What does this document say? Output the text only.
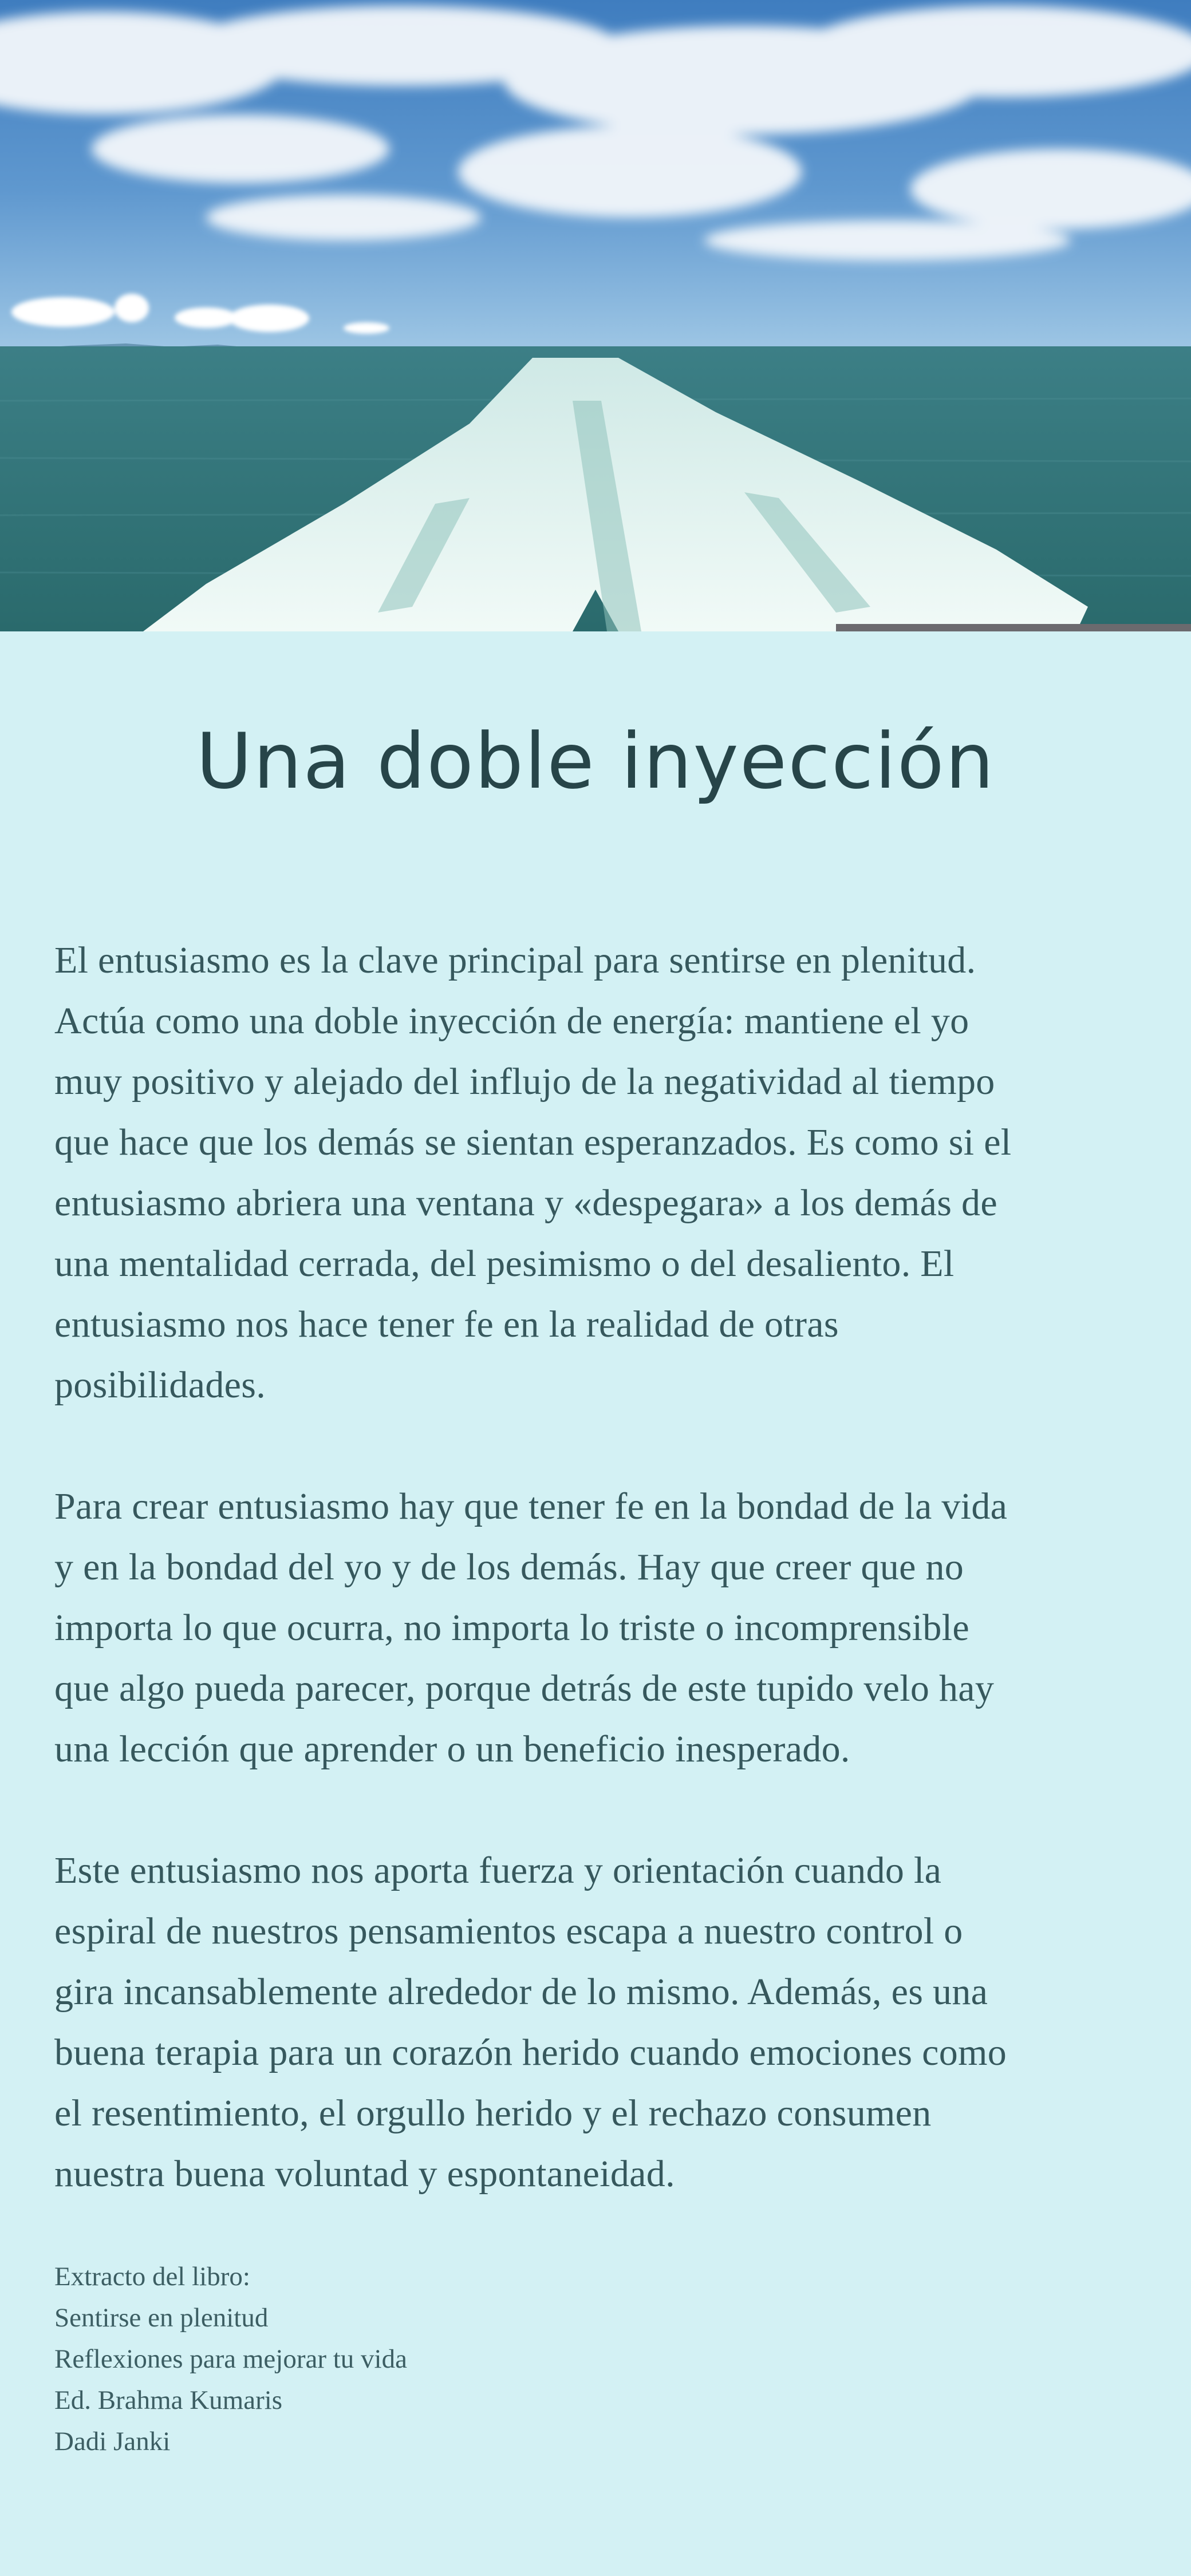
Una doble inyección

El entusiasmo es la clave principal para sentirse en plenitud.
Actúa como una doble inyección de energía: mantiene el yo
muy positivo y alejado del influjo de la negatividad al tiempo
que hace que los demás se sientan esperanzados. Es como si el
entusiasmo abriera una ventana y «despegara» a los demás de
una mentalidad cerrada, del pesimismo o del desaliento. El
entusiasmo nos hace tener fe en la realidad de otras
posibilidades.

Para crear entusiasmo hay que tener fe en la bondad de la vida
y en la bondad del yo y de los demás. Hay que creer que no
importa lo que ocurra, no importa lo triste o incomprensible
que algo pueda parecer, porque detrás de este tupido velo hay
una lección que aprender o un beneficio inesperado.

Este entusiasmo nos aporta fuerza y orientación cuando la
espiral de nuestros pensamientos escapa a nuestro control o
gira incansablemente alrededor de lo mismo. Además, es una
buena terapia para un corazón herido cuando emociones como
el resentimiento, el orgullo herido y el rechazo consumen
nuestra buena voluntad y espontaneidad.

Extracto del libro:
Sentirse en plenitud
Reflexiones para mejorar tu vida
Ed. Brahma Kumaris
Dadi Janki
